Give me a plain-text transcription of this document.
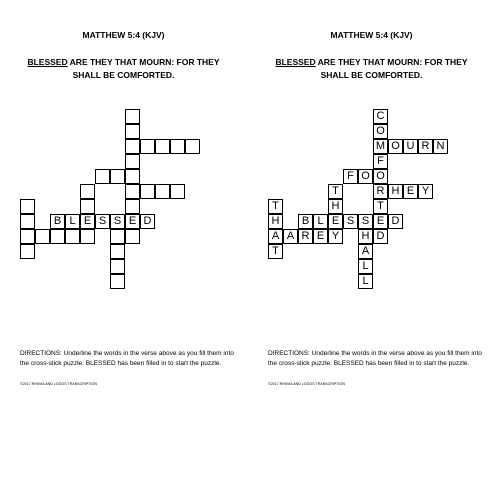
MATTHEW 5:4 (KJV)
BLESSED ARE THEY THAT MOURN: FOR THEY SHALL BE COMFORTED.
B L E S S E D
DIRECTIONS: Underline the words in the verse above as you fill them into the cross-stick puzzle. BLESSED has been filled in to start the puzzle.
©2017 RHEMA AND LOGOS TRANSCRIPTION
MATTHEW 5:4 (KJV)
BLESSED ARE THEY THAT MOURN: FOR THEY SHALL BE COMFORTED.
B L E S S E D
C
O
M
F
O
R
T
D
O U R N
F O
H E Y
T
H
Y
T
H
A
T
A R E	H
A
L
L
DIRECTIONS: Underline the words in the verse above as you fill them into the cross-stick puzzle. BLESSED has been filled in to start the puzzle.
©2017 RHEMA AND LOGOS TRANSCRIPTION
